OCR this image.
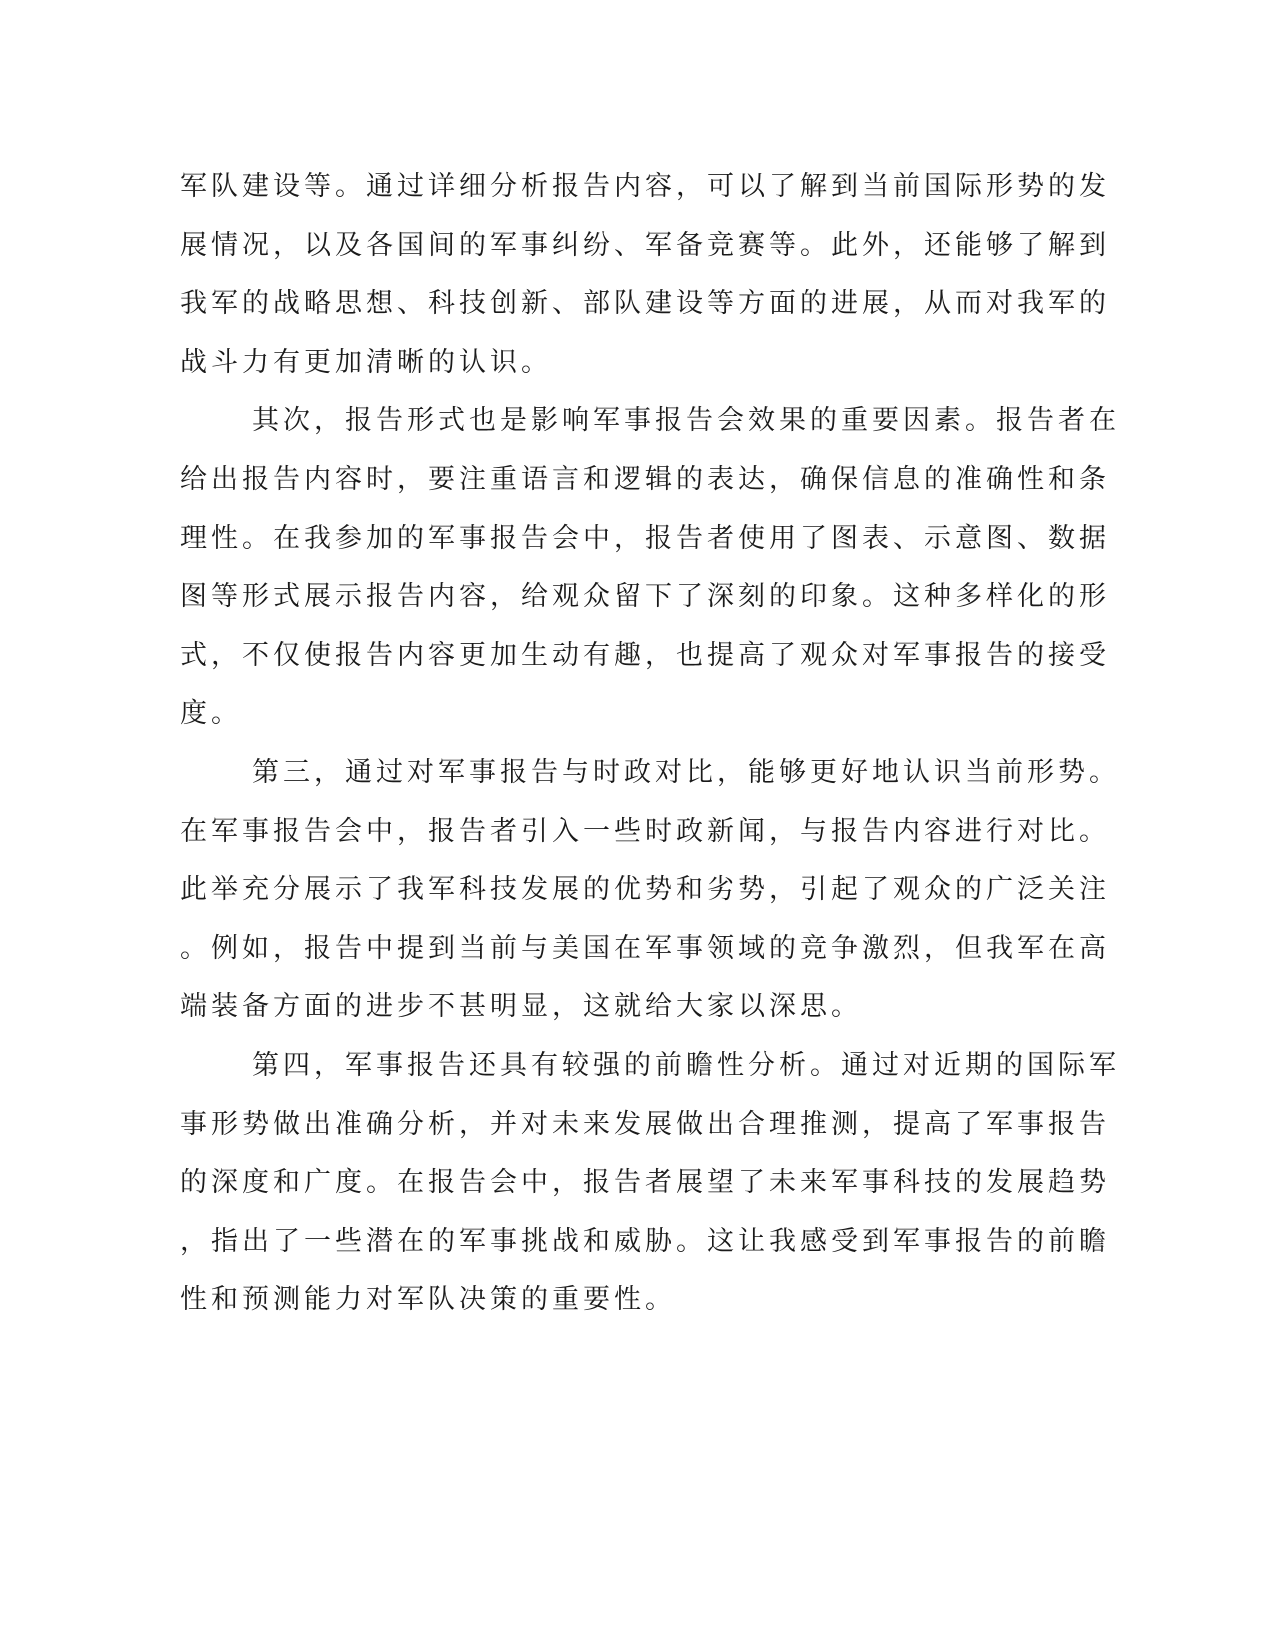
军队建设等。通过详细分析报告内容，可以了解到当前国际形势的发
展情况，以及各国间的军事纠纷、军备竞赛等。此外，还能够了解到
我军的战略思想、科技创新、部队建设等方面的进展，从而对我军的
战斗力有更加清晰的认识。
其次，报告形式也是影响军事报告会效果的重要因素。报告者在
给出报告内容时，要注重语言和逻辑的表达，确保信息的准确性和条
理性。在我参加的军事报告会中，报告者使用了图表、示意图、数据
图等形式展示报告内容，给观众留下了深刻的印象。这种多样化的形
式，不仅使报告内容更加生动有趣，也提高了观众对军事报告的接受
度。
第三，通过对军事报告与时政对比，能够更好地认识当前形势。
在军事报告会中，报告者引入一些时政新闻，与报告内容进行对比。
此举充分展示了我军科技发展的优势和劣势，引起了观众的广泛关注
。例如，报告中提到当前与美国在军事领域的竞争激烈，但我军在高
端装备方面的进步不甚明显，这就给大家以深思。
第四，军事报告还具有较强的前瞻性分析。通过对近期的国际军
事形势做出准确分析，并对未来发展做出合理推测，提高了军事报告
的深度和广度。在报告会中，报告者展望了未来军事科技的发展趋势
，指出了一些潜在的军事挑战和威胁。这让我感受到军事报告的前瞻
性和预测能力对军队决策的重要性。
